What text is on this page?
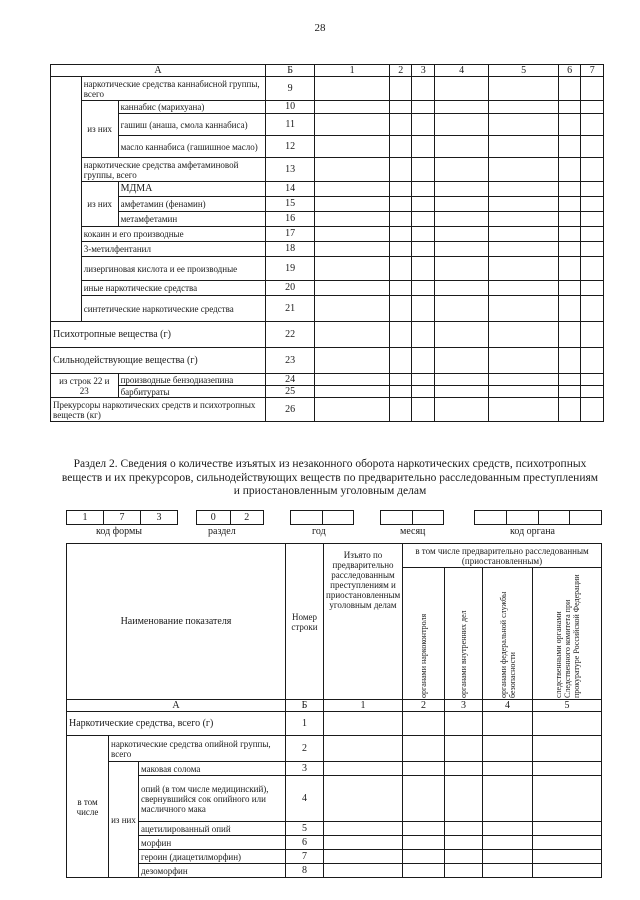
28
А			Б	1	2	3	4	5	6	7
	наркотические средства каннабисной группы, всего		9							
	из них	каннабис (марихуана)	10							
		гашиш (анаша, смола каннабиса)	11							
		масло каннабиса (гашишное масло)	12							
	наркотические средства амфетаминовой группы, всего		13							
	из них	МДМА	14							
		амфетамин (фенамин)	15							
		метамфетамин	16							
	кокаин и его производные		17							
	3-метилфентанил		18							
	лизергиновая кислота и ее производные		19							
	иные наркотические средства		20							
	синтетические наркотические средства		21							
Психотропные вещества (г)			22							
Сильнодействующие вещества (г)			23							
из строк 22 и 23		производные бензодиазепина	24							
		барбитураты	25							
Прекурсоры наркотических средств и психотропных веществ (кг)			26							
Раздел 2. Сведения о количестве изъятых из незаконного оборота наркотических средств, психотропных веществ и их прекурсоров, сильнодействующих веществ по предварительно расследованным преступлениям и приостановленным уголовным делам
1	7	3	0	2
код формы	раздел	год	месяц	код органа
Наименование показателя			Номер строки	Изъято по предварительно расследованным преступлениям и приостановленным уголовным делам	в том числе предварительно расследованным (приостановленным)			

					органами наркоконтроля	органами внутренних дел	органами федеральной службы безопасности	следственными органами Следственного комитета при прокуратуре Российской Федерации

А			Б	1	2	3	4	5
Наркотические средства, всего (г)			1					
в том числе	наркотические средства опийной группы, всего		2					
	из них	маковая солома	3					
		опий (в том числе медицинский), свернувшийся сок опийного или масличного мака	4					
		ацетилированный опий	5					
		морфин	6					
		героин (диацетилморфин)	7					
		дезоморфин	8					
